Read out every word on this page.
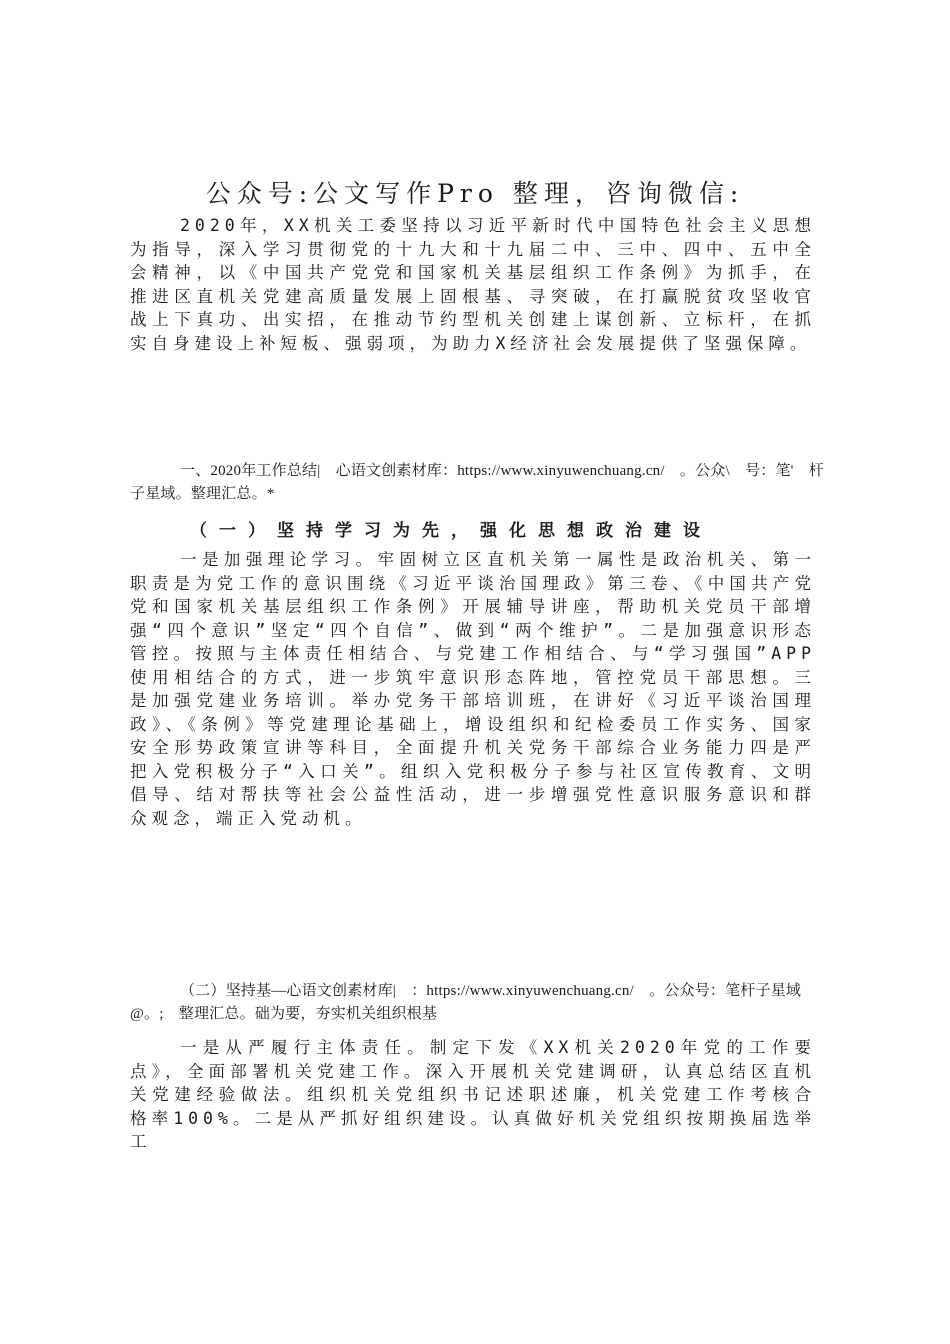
公众号:公文写作Pro 整理，咨询微信:
2020年，XX机关工委坚持以习近平新时代中国特色社会主义思想为指导，深入学习贯彻党的十九大和十九届二中、三中、四中、五中全会精神，以《中国共产党党和国家机关基层组织工作条例》为抓手，在推进区直机关党建高质量发展上固根基、寻突破，在打赢脱贫攻坚收官战上下真功、出实招，在推动节约型机关创建上谋创新、立标杆，在抓实自身建设上补短板、强弱项，为助力X经济社会发展提供了坚强保障。
一、2020年工作总结|　心语文创素材库：https://www.xinyuwenchuang.cn/　。公众\　号：笔'　杆子星域。整理汇总。*
（一）坚持学习为先，强化思想政治建设
一是加强理论学习。牢固树立区直机关第一属性是政治机关、第一职责是为党工作的意识围绕《习近平谈治国理政》第三卷、《中国共产党党和国家机关基层组织工作条例》开展辅导讲座，帮助机关党员干部增强“四个意识”坚定“四个自信”、做到“两个维护”。二是加强意识形态管控。按照与主体责任相结合、与党建工作相结合、与“学习强国”APP使用相结合的方式，进一步筑牢意识形态阵地，管控党员干部思想。三是加强党建业务培训。举办党务干部培训班，在讲好《习近平谈治国理政》、《条例》等党建理论基础上，增设组织和纪检委员工作实务、国家安全形势政策宣讲等科目，全面提升机关党务干部综合业务能力四是严把入党积极分子“入口关”。组织入党积极分子参与社区宣传教育、文明倡导、结对帮扶等社会公益性活动，进一步增强党性意识服务意识和群众观念，端正入党动机。
（二）坚持基—心语文创素材库|　：https://www.xinyuwenchuang.cn/　。公众号：笔杆子星域@。;　整理汇总。础为要，夯实机关组织根基
一是从严履行主体责任。制定下发《XX机关2020年党的工作要点》，全面部署机关党建工作。深入开展机关党建调研，认真总结区直机关党建经验做法。组织机关党组织书记述职述廉，机关党建工作考核合格率100%。二是从严抓好组织建设。认真做好机关党组织按期换届选举工
